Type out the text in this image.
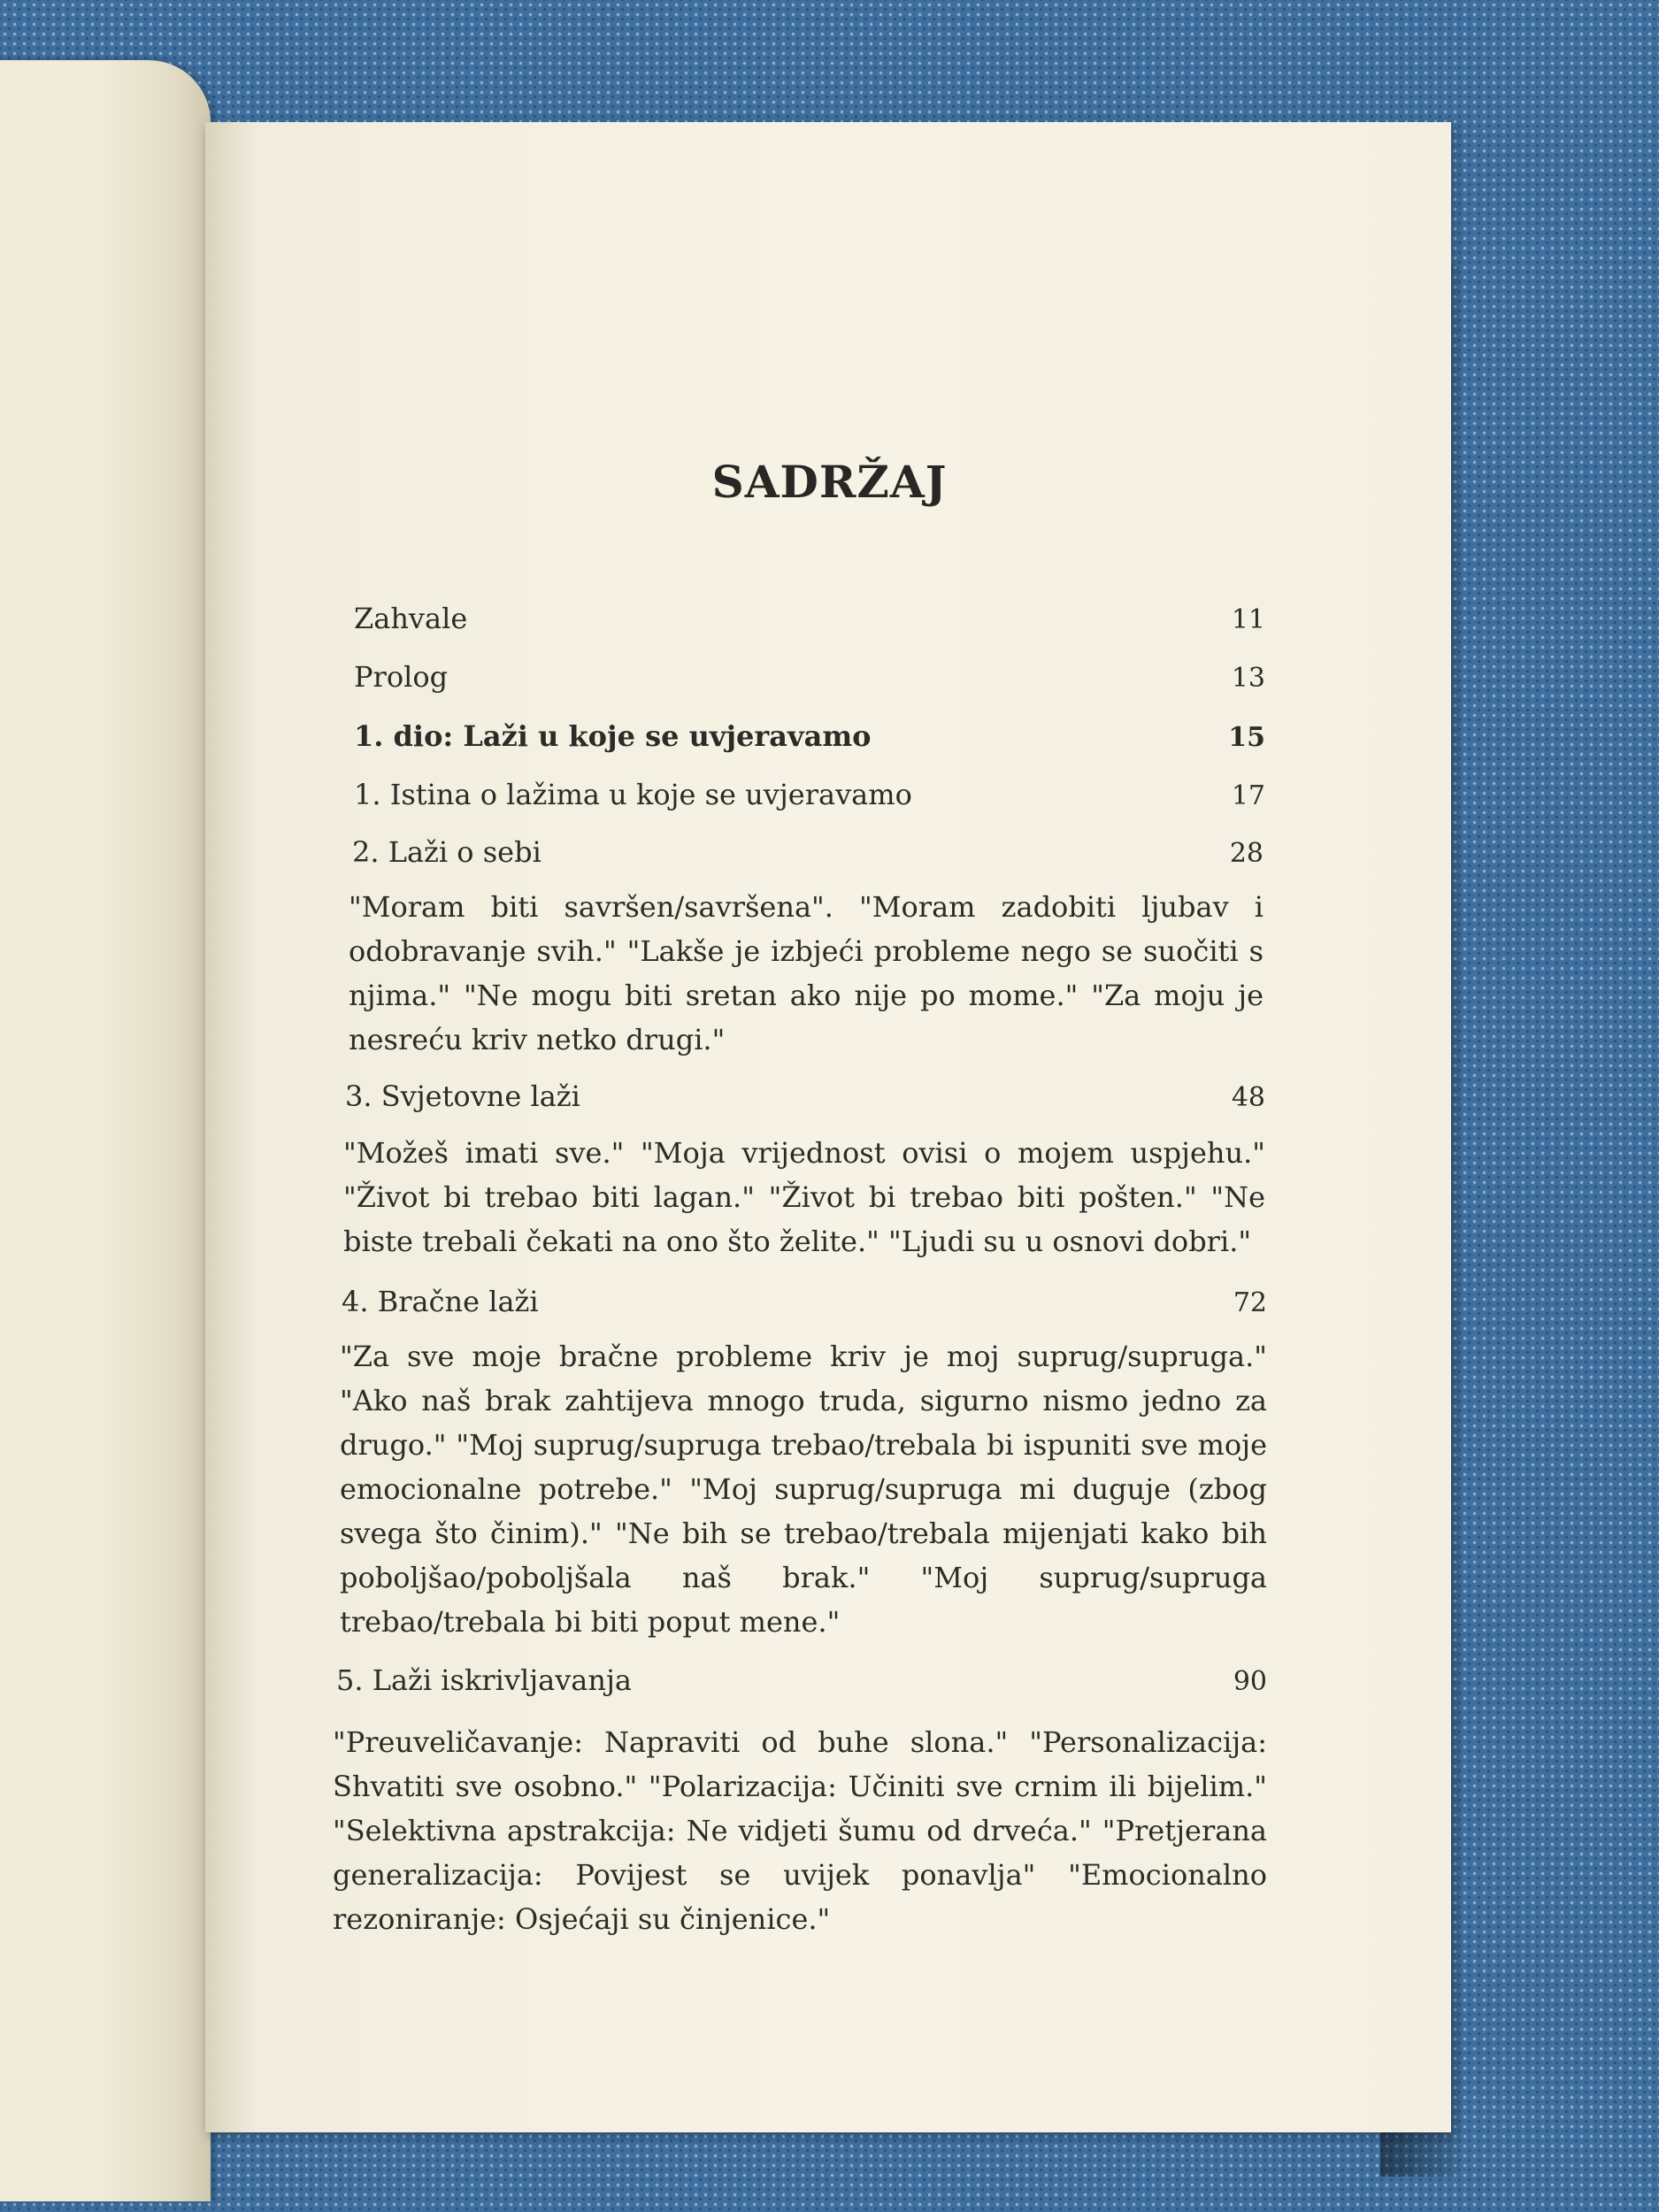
SADRŽAJ
Zahvale	11
Prolog	13
1. dio: Laži u koje se uvjeravamo	15
1. Istina o lažima u koje se uvjeravamo	17
2. Laži o sebi	28
"Moram biti savršen/savršena". "Moram zadobiti ljubav i odobravanje svih." "Lakše je izbjeći probleme nego se suočiti s njima." "Ne mogu biti sretan ako nije po mome." "Za moju je nesreću kriv netko drugi."
3. Svjetovne laži	48
"Možeš imati sve." "Moja vrijednost ovisi o mojem uspjehu." "Život bi trebao biti lagan." "Život bi trebao biti pošten." "Ne biste trebali čekati na ono što želite." "Ljudi su u osnovi dobri."
4. Bračne laži	72
"Za sve moje bračne probleme kriv je moj suprug/supruga." "Ako naš brak zahtijeva mnogo truda, sigurno nismo jedno za drugo." "Moj suprug/supruga trebao/trebala bi ispuniti sve moje emocionalne potrebe." "Moj suprug/supruga mi duguje (zbog svega što činim)." "Ne bih se trebao/trebala mijenjati kako bih poboljšao/poboljšala naš brak." "Moj suprug/supruga trebao/trebala bi biti poput mene."
5. Laži iskrivljavanja	90
"Preuveličavanje: Napraviti od buhe slona." "Personalizacija: Shvatiti sve osobno." "Polarizacija: Učiniti sve crnim ili bijelim." "Selektivna apstrakcija: Ne vidjeti šumu od drveća." "Pretjerana generalizacija: Povijest se uvijek ponavlja" "Emocionalno rezoniranje: Osjećaji su činjenice."
